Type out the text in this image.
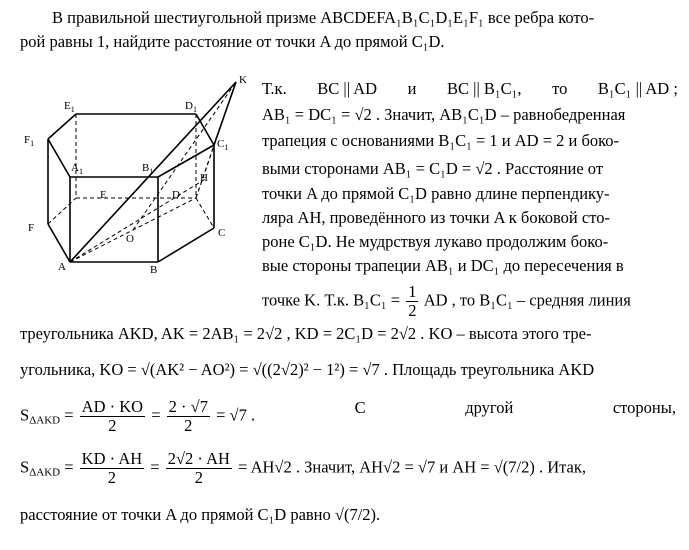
В правильной шестиугольной призме ABCDEFA₁B₁C₁D₁E₁F₁ все ребра кото-
рой равны 1, найдите расстояние от точки A до прямой C₁D.
K
$E_1$	$D_1$
$F_1$	$C_1$
$A_1$	$B_1$
H
E	D
F
O	C
A	B
Т.к. BC || AD и BC || B₁C₁, то B₁C₁ || AD ;
AB₁ = DC₁ = √2 . Значит, AB₁C₁D – равнобедренная
трапеция с основаниями B₁C₁ = 1 и AD = 2 и боко-
выми сторонами AB₁ = C₁D = √2 . Расстояние от
точки A до прямой C₁D равно длине перпендику-
ляра AH, проведённого из точки A к боковой сто-
роне C₁D. Не мудрствуя лукаво продолжим боко-
вые стороны трапеции AB₁ и DC₁ до пересечения в
точке K. Т.к. $B_1C_1 = \frac{1}{2}$ AD , то B₁C₁ – средняя линия
треугольника AKD, AK = 2AB₁ = 2√2 , KD = 2C₁D = 2√2 . KO – высота этого тре-
угольника, KO = √(AK² − AO²) = √((2√2)² − 1²) = √7 . Площадь треугольника AKD
$S_{\Delta AKD} = \frac{AD \cdot KO}{2} = \frac{2 \cdot √7}{2} = √7$ .	С	другой	стороны,
$S_{\Delta AKD} = \frac{KD \cdot AH}{2} = \frac{2√2 \cdot AH}{2} = AH√2$ . Значит, AH√2 = √7 и AH = √(7/2) . Итак,
расстояние от точки A до прямой C₁D равно √(7/2).
